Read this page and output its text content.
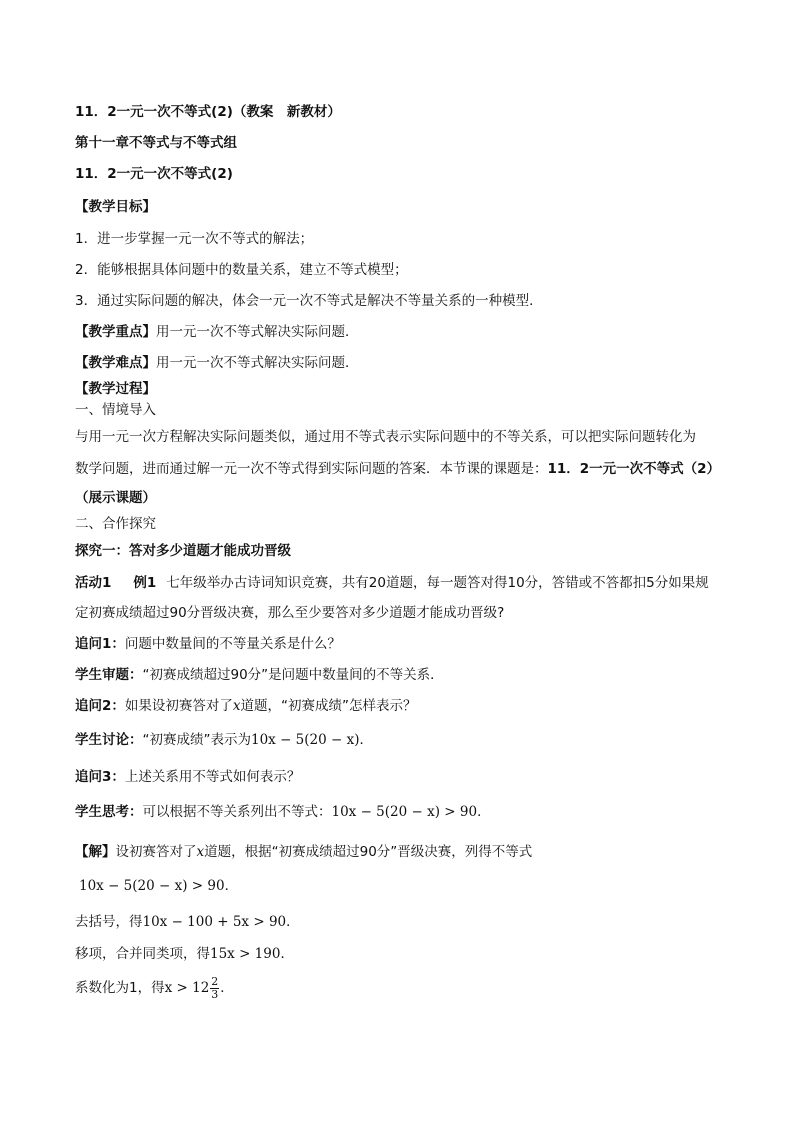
11．2一元一次不等式(2)（教案　新教材）
第十一章不等式与不等式组
11．2一元一次不等式(2)
【教学目标】
1．进一步掌握一元一次不等式的解法；
2．能够根据具体问题中的数量关系，建立不等式模型；
3．通过实际问题的解决，体会一元一次不等式是解决不等量关系的一种模型．
【教学重点】用一元一次不等式解决实际问题．
【教学难点】用一元一次不等式解决实际问题．
【教学过程】
一、情境导入
与用一元一次方程解决实际问题类似，通过用不等式表示实际问题中的不等关系，可以把实际问题转化为
数学问题，进而通过解一元一次不等式得到实际问题的答案．本节课的课题是：11．2一元一次不等式（2）
（展示课题）
二、合作探究
探究一：答对多少道题才能成功晋级
活动1 例1 七年级举办古诗词知识竞赛，共有20道题，每一题答对得10分，答错或不答都扣5分如果规
定初赛成绩超过90分晋级决赛，那么至少要答对多少道题才能成功晋级?
追问1：问题中数量间的不等量关系是什么？
学生审题：“初赛成绩超过90分”是问题中数量间的不等关系．
追问2：如果设初赛答对了x道题，“初赛成绩”怎样表示？
学生讨论：“初赛成绩”表示为10x − 5(20 − x)．
追问3：上述关系用不等式如何表示？
学生思考：可以根据不等关系列出不等式：10x − 5(20 − x) > 90．
【解】设初赛答对了x道题，根据“初赛成绩超过90分”晋级决赛，列得不等式
10x − 5(20 − x) > 90．
去括号，得10x − 100 + 5x > 90．
移项，合并同类项，得15x > 190．
系数化为1，得$x > 12 \frac{2}{3}$ ．
